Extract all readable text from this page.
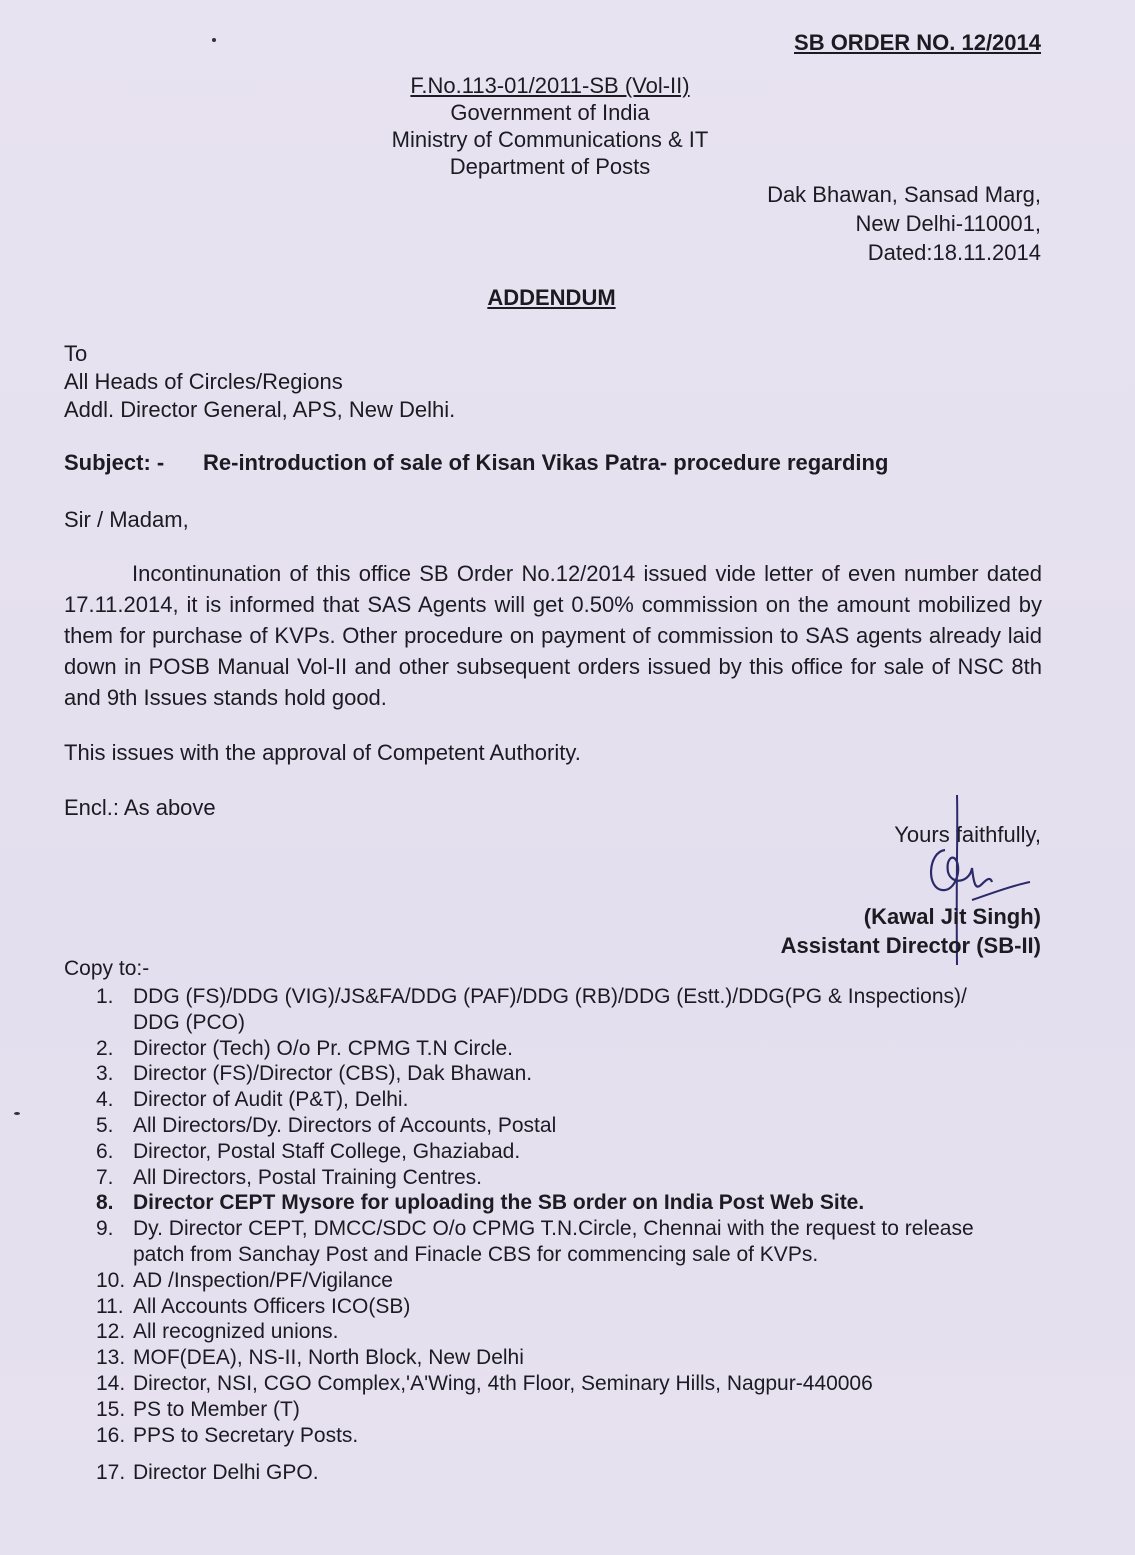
SB ORDER NO. 12/2014

F.No.113-01/2011-SB (Vol-II)
Government of India
Ministry of Communications & IT
Department of Posts
Dak Bhawan, Sansad Marg,
New Delhi-110001,
Dated:18.11.2014

ADDENDUM

To
All Heads of Circles/Regions
Addl. Director General, APS, New Delhi.
Subject: - Re-introduction of sale of Kisan Vikas Patra- procedure regarding

Sir / Madam,

Incontinunation of this office SB Order No.12/2014 issued vide letter of even number dated 17.11.2014, it is informed that SAS Agents will get 0.50% commission on the amount mobilized by them for purchase of KVPs. Other procedure on payment of commission to SAS agents already laid down in POSB Manual Vol-II and other subsequent orders issued by this office for sale of NSC 8th and 9th Issues stands hold good.

This issues with the approval of Competent Authority.

Encl.: As above

Yours faithfully,

(Kawal Jit Singh)
Assistant Director (SB-II)

Copy to:-

1. DDG (FS)/DDG (VIG)/JS&FA/DDG (PAF)/DDG (RB)/DDG (Estt.)/DDG(PG & Inspections)/
DDG (PCO)
2. Director (Tech) O/o Pr. CPMG T.N Circle.
3. Director (FS)/Director (CBS), Dak Bhawan.
4. Director of Audit (P&T), Delhi.
5. All Directors/Dy. Directors of Accounts, Postal
6. Director, Postal Staff College, Ghaziabad.
7. All Directors, Postal Training Centres.
8. Director CEPT Mysore for uploading the SB order on India Post Web Site.
9. Dy. Director CEPT, DMCC/SDC O/o CPMG T.N.Circle, Chennai with the request to release
patch from Sanchay Post and Finacle CBS for commencing sale of KVPs.
10. AD /Inspection/PF/Vigilance
11. All Accounts Officers ICO(SB)
12. All recognized unions.
13. MOF(DEA), NS-II, North Block, New Delhi
14. Director, NSI, CGO Complex,'A'Wing, 4th Floor, Seminary Hills, Nagpur-440006
15. PS to Member (T)
16. PPS to Secretary Posts.
17. Director Delhi GPO.
